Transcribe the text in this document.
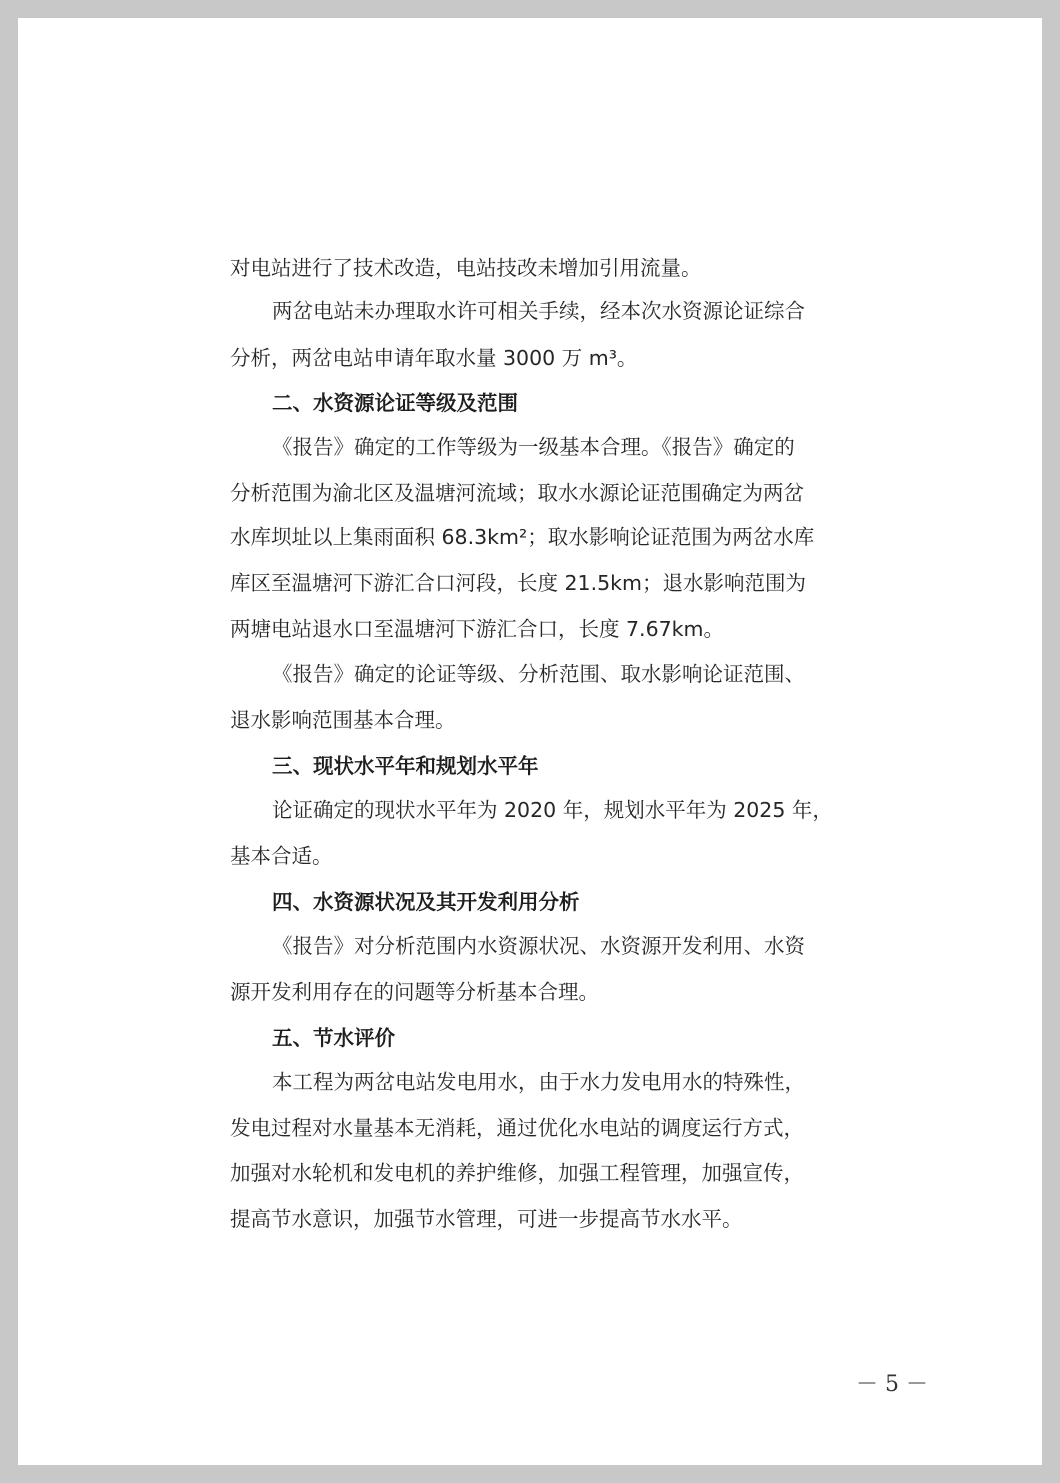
对电站进行了技术改造，电站技改未增加引用流量。
两岔电站未办理取水许可相关手续，经本次水资源论证综合
分析，两岔电站申请年取水量 3000 万 m³。
二、水资源论证等级及范围
《报告》确定的工作等级为一级基本合理。《报告》确定的
分析范围为渝北区及温塘河流域；取水水源论证范围确定为两岔
水库坝址以上集雨面积 68.3km²；取水影响论证范围为两岔水库
库区至温塘河下游汇合口河段，长度 21.5km；退水影响范围为
两塘电站退水口至温塘河下游汇合口，长度 7.67km。
《报告》确定的论证等级、分析范围、取水影响论证范围、
退水影响范围基本合理。
三、现状水平年和规划水平年
论证确定的现状水平年为 2020 年，规划水平年为 2025 年，
基本合适。
四、水资源状况及其开发利用分析
《报告》对分析范围内水资源状况、水资源开发利用、水资
源开发利用存在的问题等分析基本合理。
五、节水评价
本工程为两岔电站发电用水，由于水力发电用水的特殊性，
发电过程对水量基本无消耗，通过优化水电站的调度运行方式，
加强对水轮机和发电机的养护维修，加强工程管理，加强宣传，
提高节水意识，加强节水管理，可进一步提高节水水平。
－ 5 －
